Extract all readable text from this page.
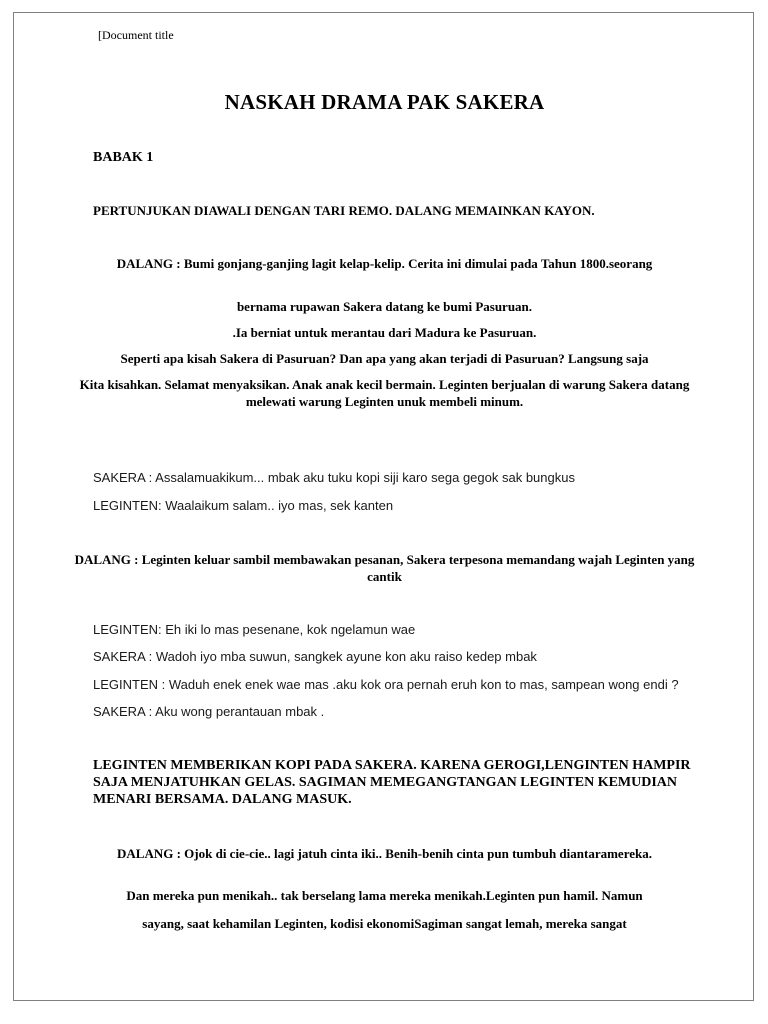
[Document title

NASKAH DRAMA PAK SAKERA

BABAK 1

PERTUNJUKAN DIAWALI DENGAN TARI REMO. DALANG MEMAINKAN KAYON.

DALANG : Bumi gonjang-ganjing lagit kelap-kelip. Cerita ini dimulai pada Tahun 1800.seorang

bernama rupawan Sakera datang ke bumi Pasuruan.

.Ia berniat untuk merantau dari Madura ke Pasuruan.

Seperti apa kisah Sakera di Pasuruan? Dan apa yang akan terjadi di Pasuruan? Langsung saja

Kita kisahkan. Selamat menyaksikan. Anak anak kecil bermain. Leginten berjualan di warung Sakera datang melewati warung Leginten unuk membeli minum.

SAKERA : Assalamuakikum... mbak aku tuku kopi siji karo sega gegok sak bungkus

LEGINTEN: Waalaikum salam.. iyo mas, sek kanten

DALANG : Leginten keluar sambil membawakan pesanan, Sakera terpesona memandang wajah Leginten yang cantik

LEGINTEN: Eh iki lo mas pesenane, kok ngelamun wae

SAKERA : Wadoh iyo mba suwun, sangkek ayune kon aku raiso kedep mbak

LEGINTEN : Waduh enek enek wae mas .aku kok ora pernah eruh kon to mas, sampean wong endi ?

SAKERA : Aku wong perantauan mbak .

LEGINTEN MEMBERIKAN KOPI PADA SAKERA. KARENA GEROGI,LENGINTEN HAMPIR SAJA MENJATUHKAN GELAS. SAGIMAN MEMEGANGTANGAN LEGINTEN KEMUDIAN MENARI BERSAMA. DALANG MASUK.

DALANG : Ojok di cie-cie.. lagi jatuh cinta iki.. Benih-benih cinta pun tumbuh diantaramereka.

Dan mereka pun menikah.. tak berselang lama mereka menikah.Leginten pun hamil. Namun

sayang, saat kehamilan Leginten, kodisi ekonomiSagiman sangat lemah, mereka sangat
